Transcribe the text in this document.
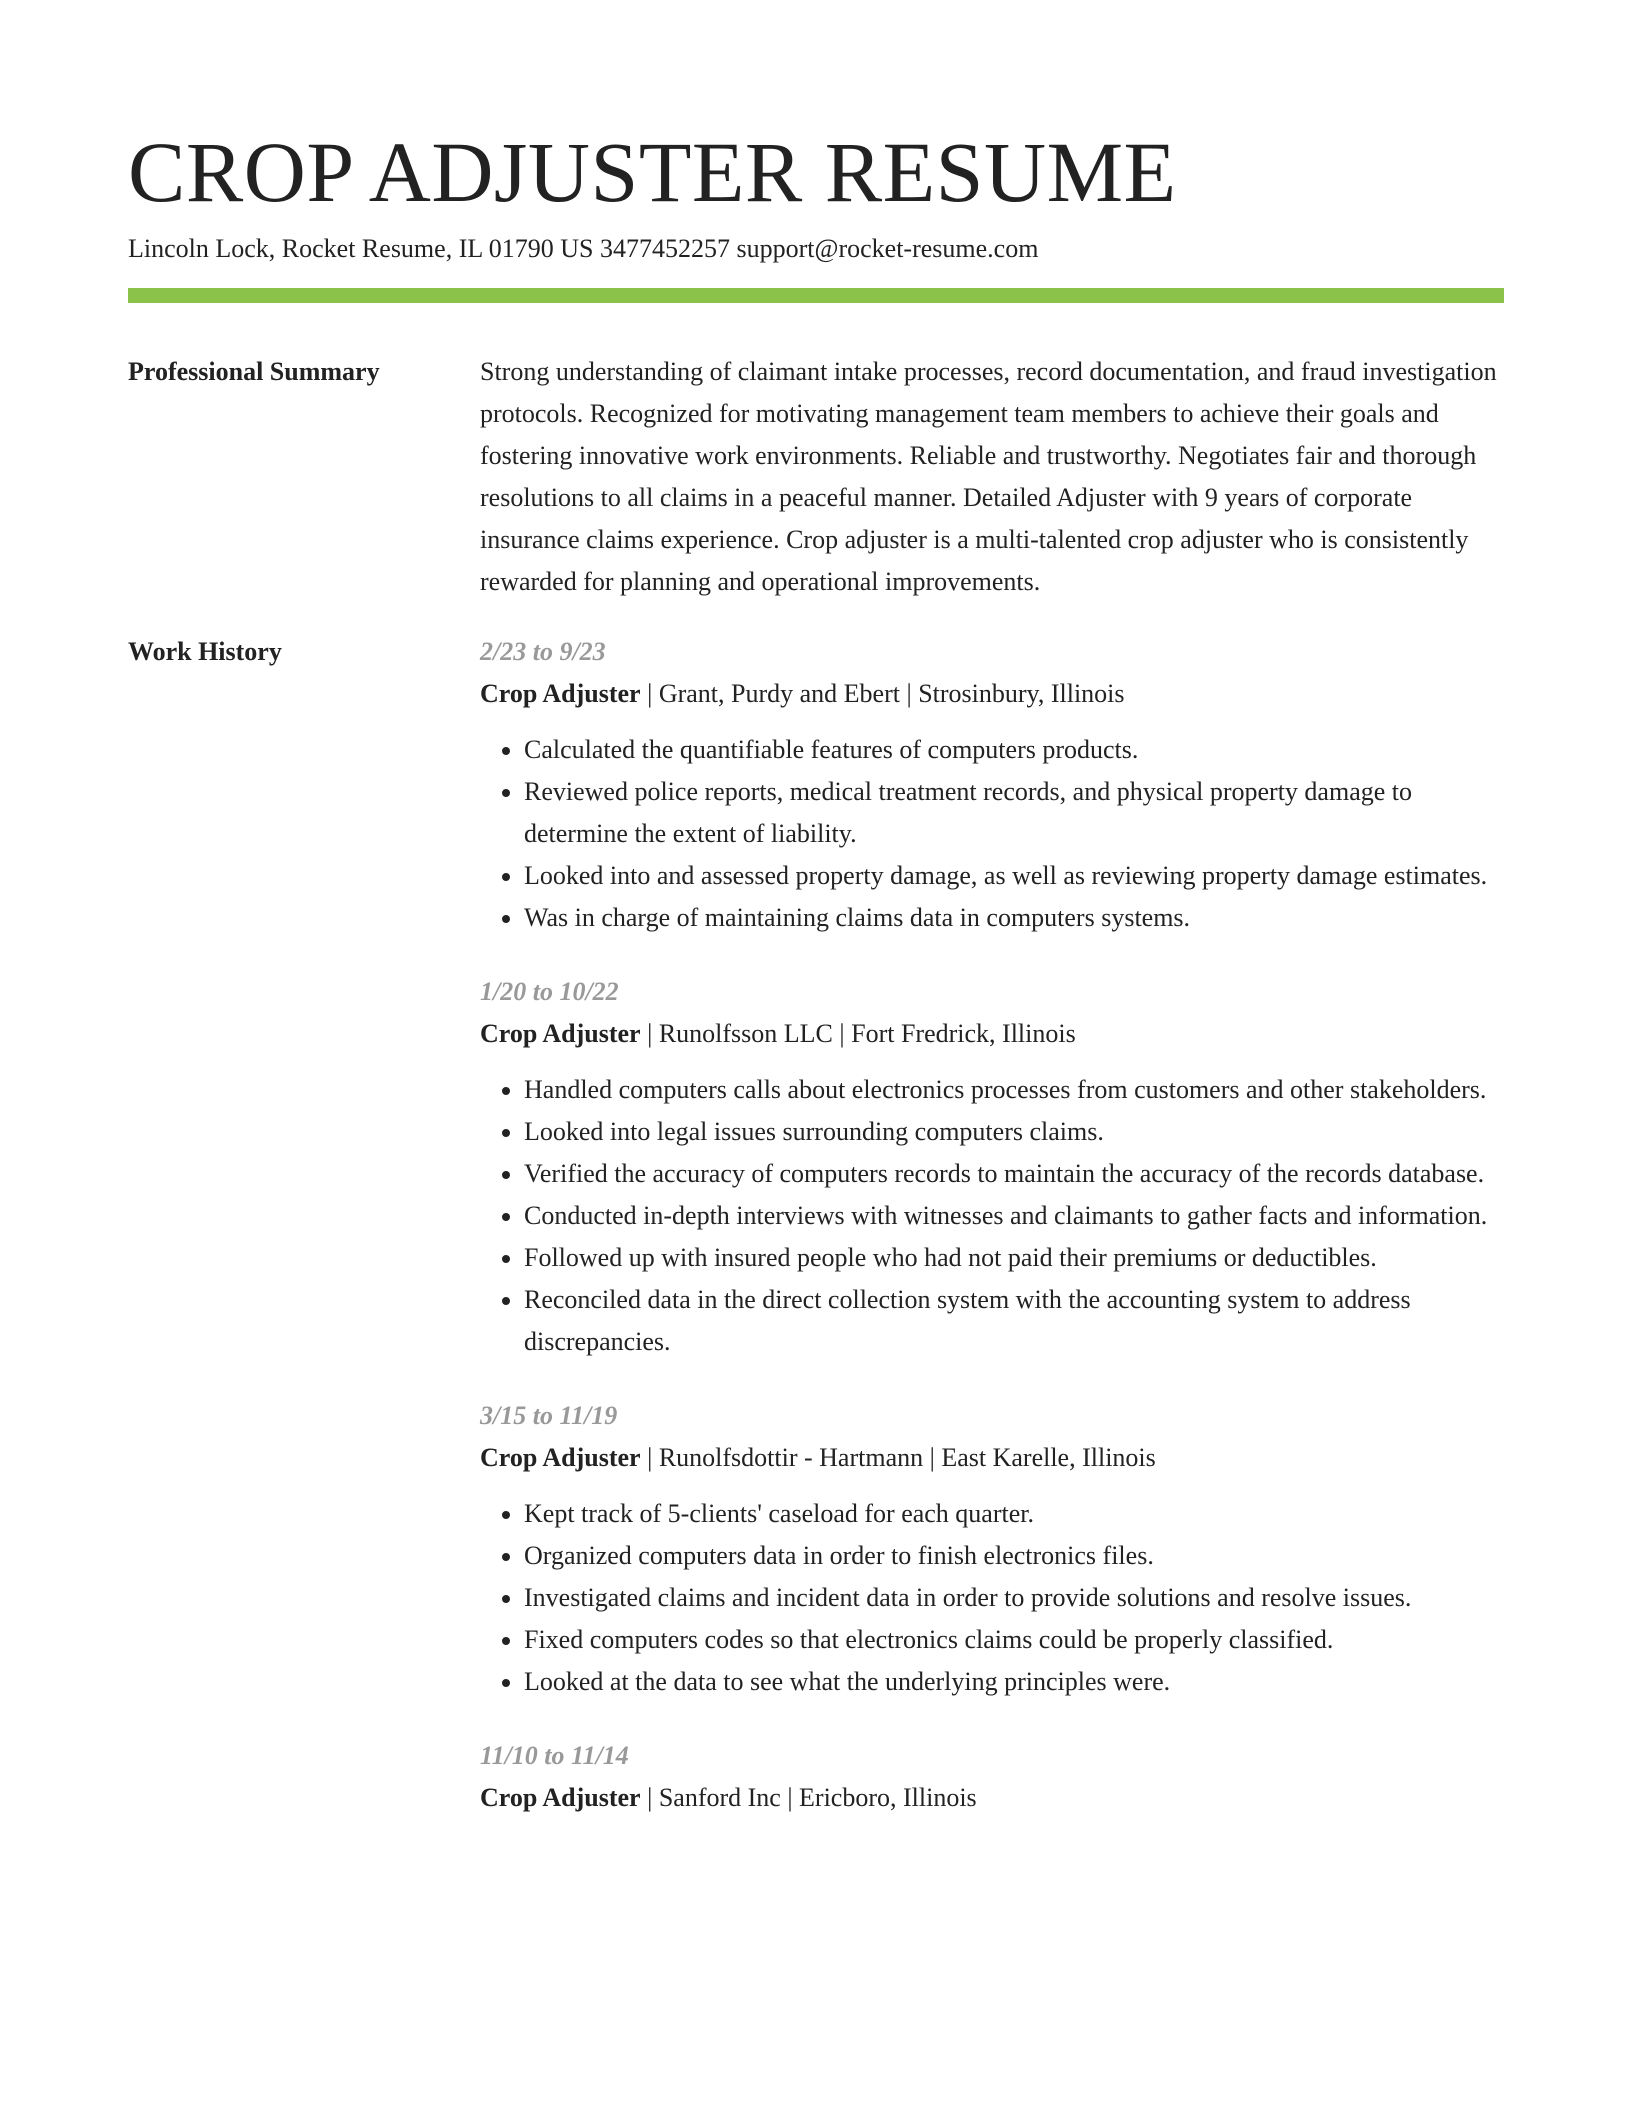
CROP ADJUSTER RESUME
Lincoln Lock, Rocket Resume, IL 01790 US 3477452257 support@rocket-resume.com
Professional Summary	Strong understanding of claimant intake processes, record documentation, and fraud investigation protocols. Recognized for motivating management team members to achieve their goals and fostering innovative work environments. Reliable and trustworthy. Negotiates fair and thorough resolutions to all claims in a peaceful manner. Detailed Adjuster with 9 years of corporate insurance claims experience. Crop adjuster is a multi-talented crop adjuster who is consistently rewarded for planning and operational improvements.

Work History	2/23 to 9/23
Crop Adjuster | Grant, Purdy and Ebert | Strosinbury, Illinois
• Calculated the quantifiable features of computers products.
• Reviewed police reports, medical treatment records, and physical property damage to determine the extent of liability.
• Looked into and assessed property damage, as well as reviewing property damage estimates.
• Was in charge of maintaining claims data in computers systems.
1/20 to 10/22
Crop Adjuster | Runolfsson LLC | Fort Fredrick, Illinois
• Handled computers calls about electronics processes from customers and other stakeholders.
• Looked into legal issues surrounding computers claims.
• Verified the accuracy of computers records to maintain the accuracy of the records database.
• Conducted in-depth interviews with witnesses and claimants to gather facts and information.
• Followed up with insured people who had not paid their premiums or deductibles.
• Reconciled data in the direct collection system with the accounting system to address discrepancies.
3/15 to 11/19
Crop Adjuster | Runolfsdottir - Hartmann | East Karelle, Illinois
• Kept track of 5-clients' caseload for each quarter.
• Organized computers data in order to finish electronics files.
• Investigated claims and incident data in order to provide solutions and resolve issues.
• Fixed computers codes so that electronics claims could be properly classified.
• Looked at the data to see what the underlying principles were.
11/10 to 11/14
Crop Adjuster | Sanford Inc | Ericboro, Illinois
